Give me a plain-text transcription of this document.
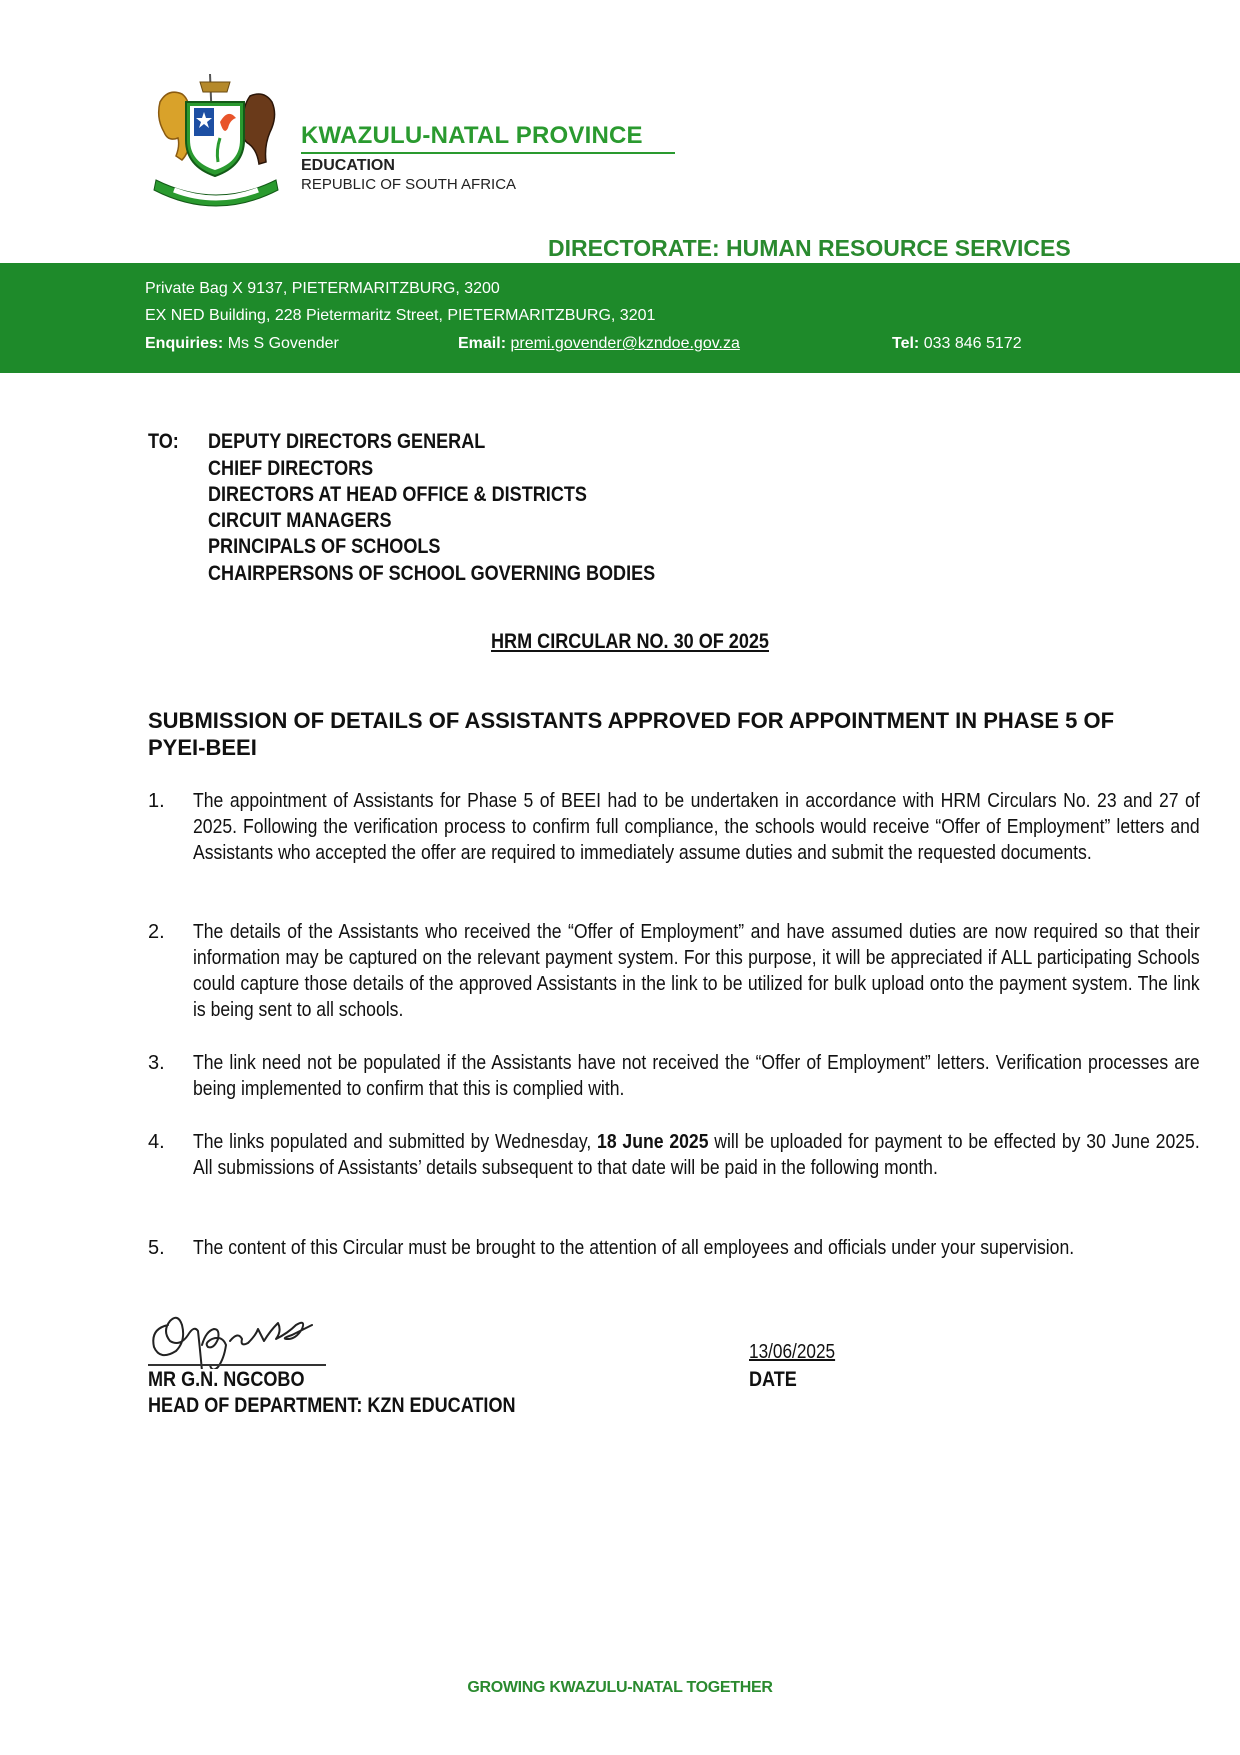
KWAZULU-NATAL PROVINCE
EDUCATION
REPUBLIC OF SOUTH AFRICA
DIRECTORATE: HUMAN RESOURCE SERVICES
Private Bag X 9137, PIETERMARITZBURG, 3200
EX NED Building, 228 Pietermaritz Street, PIETERMARITZBURG, 3201
Enquiries: Ms S Govender	Email: premi.govender@kzndoe.gov.za	Tel: 033 846 5172
TO: DEPUTY DIRECTORS GENERAL
CHIEF DIRECTORS
DIRECTORS AT HEAD OFFICE & DISTRICTS
CIRCUIT MANAGERS
PRINCIPALS OF SCHOOLS
CHAIRPERSONS OF SCHOOL GOVERNING BODIES
HRM CIRCULAR NO. 30 OF 2025
SUBMISSION OF DETAILS OF ASSISTANTS APPROVED FOR APPOINTMENT IN PHASE 5 OF PYEI-BEEI
1. The appointment of Assistants for Phase 5 of BEEI had to be undertaken in accordance with HRM Circulars No. 23 and 27 of 2025. Following the verification process to confirm full compliance, the schools would receive “Offer of Employment” letters and Assistants who accepted the offer are required to immediately assume duties and submit the requested documents.
2. The details of the Assistants who received the “Offer of Employment” and have assumed duties are now required so that their information may be captured on the relevant payment system. For this purpose, it will be appreciated if ALL participating Schools could capture those details of the approved Assistants in the link to be utilized for bulk upload onto the payment system. The link is being sent to all schools.
3. The link need not be populated if the Assistants have not received the “Offer of Employment” letters. Verification processes are being implemented to confirm that this is complied with.
4. The links populated and submitted by Wednesday, 18 June 2025 will be uploaded for payment to be effected by 30 June 2025. All submissions of Assistants’ details subsequent to that date will be paid in the following month.
5. The content of this Circular must be brought to the attention of all employees and officials under your supervision.
MR G.N. NGCOBO
HEAD OF DEPARTMENT: KZN EDUCATION
13/06/2025
DATE
GROWING KWAZULU-NATAL TOGETHER
